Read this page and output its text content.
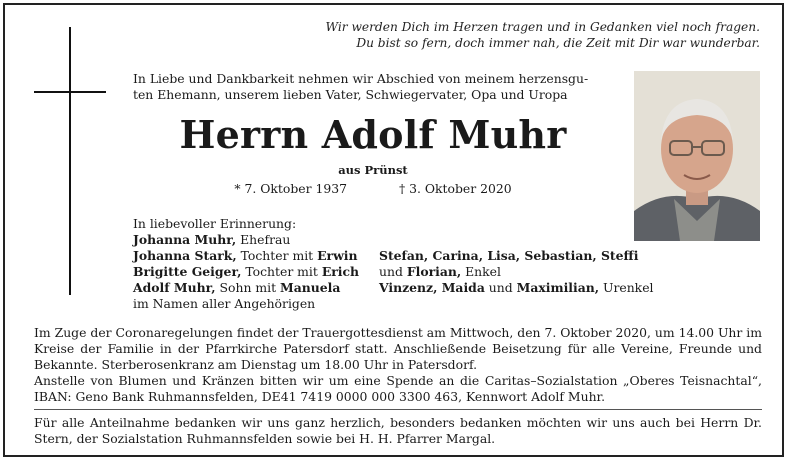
Wir werden Dich im Herzen tragen und in Gedanken viel noch fragen.
Du bist so fern, doch immer nah, die Zeit mit Dir war wunderbar.
In Liebe und Dankbarkeit nehmen wir Abschied von meinem herzensgu-
ten Ehemann, unserem lieben Vater, Schwiegervater, Opa und Uropa
Herrn Adolf Muhr
aus Prünst
* 7. Oktober 1937	† 3. Oktober 2020
In liebevoller Erinnerung:
Johanna Muhr, Ehefrau
Johanna Stark, Tochter mit Erwin
Brigitte Geiger, Tochter mit Erich
Adolf Muhr, Sohn mit Manuela
im Namen aller Angehörigen
Stefan, Carina, Lisa, Sebastian, Steffi
und Florian, Enkel
Vinzenz, Maida und Maximilian, Urenkel
Im Zuge der Coronaregelungen findet der Trauergottesdienst am Mittwoch, den 7. Oktober 2020, um 14.00 Uhr im Kreise der Familie in der Pfarrkirche Patersdorf statt. Anschließende Beisetzung für alle Vereine, Freunde und Bekannte. Sterberosenkranz am Dienstag um 18.00 Uhr in Patersdorf.
Anstelle von Blumen und Kränzen bitten wir um eine Spende an die Caritas–Sozialstation „Oberes Teisnachtal“, IBAN: Geno Bank Ruhmannsfelden, DE41 7419 0000 000 3300 463, Kennwort Adolf Muhr.
Für alle Anteilnahme bedanken wir uns ganz herzlich, besonders bedanken möchten wir uns auch bei Herrn Dr. Stern, der Sozialstation Ruhmannsfelden sowie bei H. H. Pfarrer Margal.
